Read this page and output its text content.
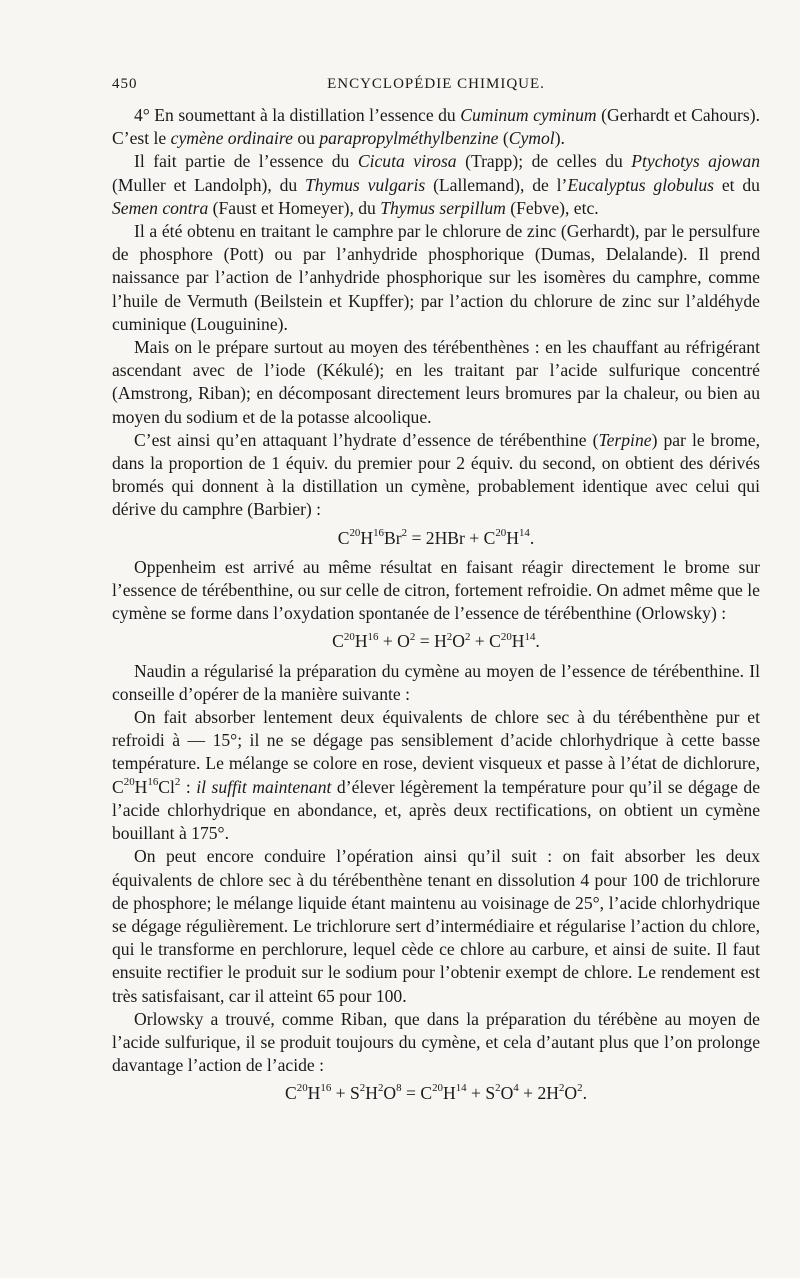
450	ENCYCLOPÉDIE CHIMIQUE.

4° En soumettant à la distillation l’essence du Cuminum cyminum (Gerhardt et Cahours). C’est le cymène ordinaire ou parapropylméthylbenzine (Cymol).

Il fait partie de l’essence du Cicuta virosa (Trapp); de celles du Ptychotys ajowan (Muller et Landolph), du Thymus vulgaris (Lallemand), de l’Eucalyptus globulus et du Semen contra (Faust et Homeyer), du Thymus serpillum (Febve), etc.

Il a été obtenu en traitant le camphre par le chlorure de zinc (Gerhardt), par le persulfure de phosphore (Pott) ou par l’anhydride phosphorique (Dumas, Delalande). Il prend naissance par l’action de l’anhydride phosphorique sur les isomères du camphre, comme l’huile de Vermuth (Beilstein et Kupffer); par l’action du chlorure de zinc sur l’aldéhyde cuminique (Louguinine).

Mais on le prépare surtout au moyen des térébenthènes : en les chauffant au réfrigérant ascendant avec de l’iode (Kékulé); en les traitant par l’acide sulfurique concentré (Amstrong, Riban); en décomposant directement leurs bromures par la chaleur, ou bien au moyen du sodium et de la potasse alcoolique.

C’est ainsi qu’en attaquant l’hydrate d’essence de térébenthine (Terpine) par le brome, dans la proportion de 1 équiv. du premier pour 2 équiv. du second, on obtient des dérivés bromés qui donnent à la distillation un cymène, probablement identique avec celui qui dérive du camphre (Barbier) :

$C^{20}H^{16}Br^2 = 2HBr + C^{20}H^{14}$.

Oppenheim est arrivé au même résultat en faisant réagir directement le brome sur l’essence de térébenthine, ou sur celle de citron, fortement refroidie. On admet même que le cymène se forme dans l’oxydation spontanée de l’essence de térébenthine (Orlowsky) :

$C^{20}H^{16} + O^2 = H^2O^2 + C^{20}H^{14}$.

Naudin a régularisé la préparation du cymène au moyen de l’essence de térébenthine. Il conseille d’opérer de la manière suivante :

On fait absorber lentement deux équivalents de chlore sec à du térébenthène pur et refroidi à — 15°; il ne se dégage pas sensiblement d’acide chlorhydrique à cette basse température. Le mélange se colore en rose, devient visqueux et passe à l’état de dichlorure, $C^{20}H^{16}Cl^2$ : il suffit maintenant d’élever légèrement la température pour qu’il se dégage de l’acide chlorhydrique en abondance, et, après deux rectifications, on obtient un cymène bouillant à 175°.

On peut encore conduire l’opération ainsi qu’il suit : on fait absorber les deux équivalents de chlore sec à du térébenthène tenant en dissolution 4 pour 100 de trichlorure de phosphore; le mélange liquide étant maintenu au voisinage de 25°, l’acide chlorhydrique se dégage régulièrement. Le trichlorure sert d’intermédiaire et régularise l’action du chlore, qui le transforme en perchlorure, lequel cède ce chlore au carbure, et ainsi de suite. Il faut ensuite rectifier le produit sur le sodium pour l’obtenir exempt de chlore. Le rendement est très satisfaisant, car il atteint 65 pour 100.

Orlowsky a trouvé, comme Riban, que dans la préparation du térébène au moyen de l’acide sulfurique, il se produit toujours du cymène, et cela d’autant plus que l’on prolonge davantage l’action de l’acide :

$C^{20}H^{16} + S^2H^2O^8 = C^{20}H^{14} + S^2O^4 + 2H^2O^2$.
